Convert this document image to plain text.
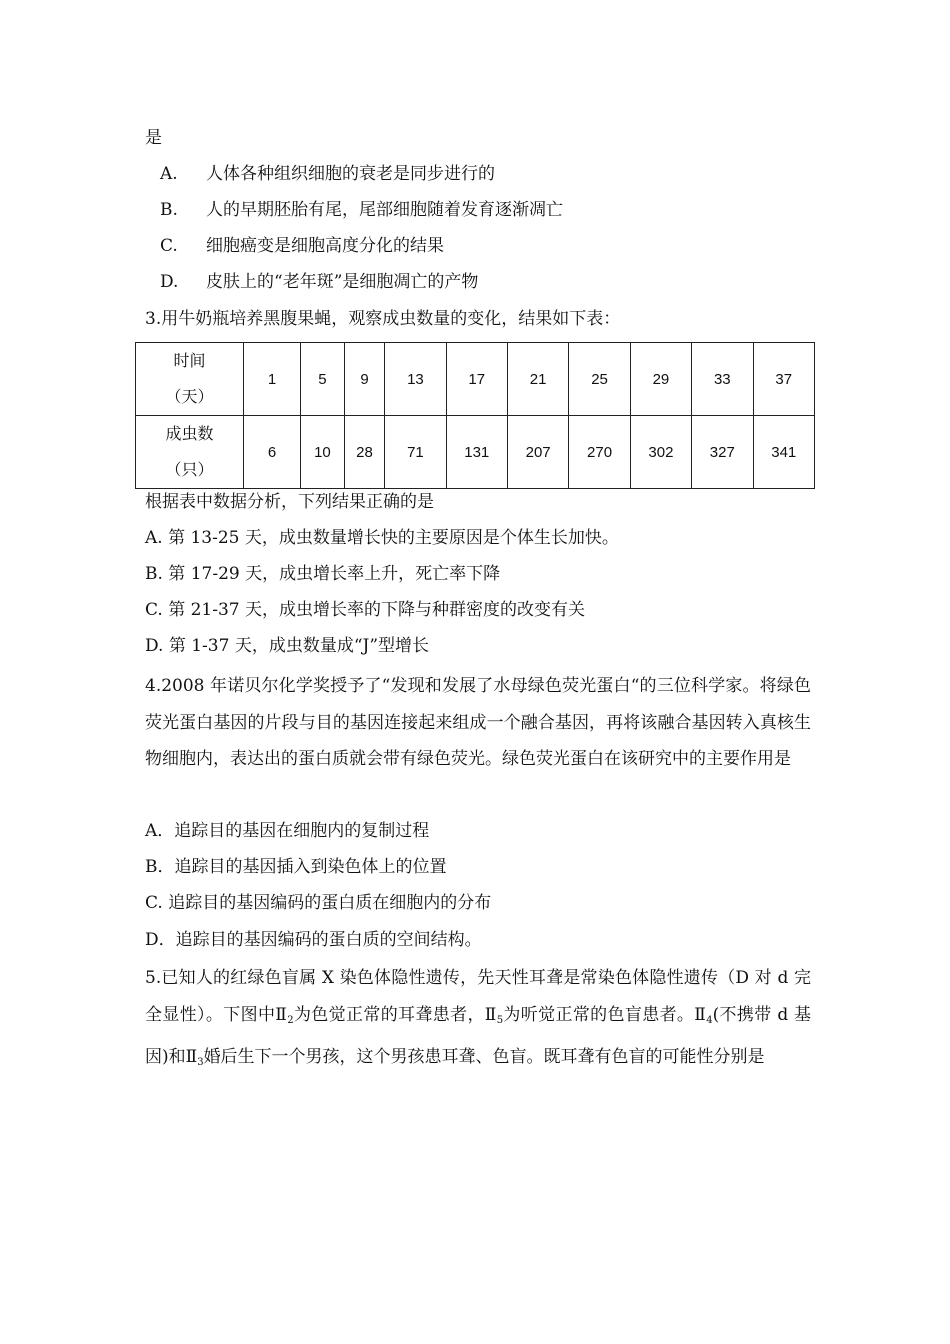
是
A. 人体各种组织细胞的衰老是同步进行的
B. 人的早期胚胎有尾，尾部细胞随着发育逐渐凋亡
C. 细胞癌变是细胞高度分化的结果
D. 皮肤上的“老年斑”是细胞凋亡的产物
3.用牛奶瓶培养黑腹果蝇，观察成虫数量的变化，结果如下表：
时间
（天）	1	5	9	13	17	21	25	29	33	37

成虫数
（只）	6	10	28	71	131	207	270	302	327	341
根据表中数据分析，下列结果正确的是
A. 第 13-25 天，成虫数量增长快的主要原因是个体生长加快。
B. 第 17-29 天，成虫增长率上升，死亡率下降
C. 第 21-37 天，成虫增长率的下降与种群密度的改变有关
D. 第 1-37 天，成虫数量成“J”型增长
4.2008 年诺贝尔化学奖授予了“发现和发展了水母绿色荧光蛋白“的三位科学家。将绿色荧光蛋白基因的片段与目的基因连接起来组成一个融合基因，再将该融合基因转入真核生物细胞内，表达出的蛋白质就会带有绿色荧光。绿色荧光蛋白在该研究中的主要作用是
A．追踪目的基因在细胞内的复制过程
B．追踪目的基因插入到染色体上的位置
C. 追踪目的基因编码的蛋白质在细胞内的分布
D．追踪目的基因编码的蛋白质的空间结构。
5.已知人的红绿色盲属 X 染色体隐性遗传，先天性耳聋是常染色体隐性遗传（D 对 d 完全显性）。下图中$Ⅱ_2$为色觉正常的耳聋患者，$Ⅱ_5$为听觉正常的色盲患者。$Ⅱ_4$(不携带 d 基因)和$Ⅱ_3$婚后生下一个男孩，这个男孩患耳聋、色盲。既耳聋有色盲的可能性分别是
